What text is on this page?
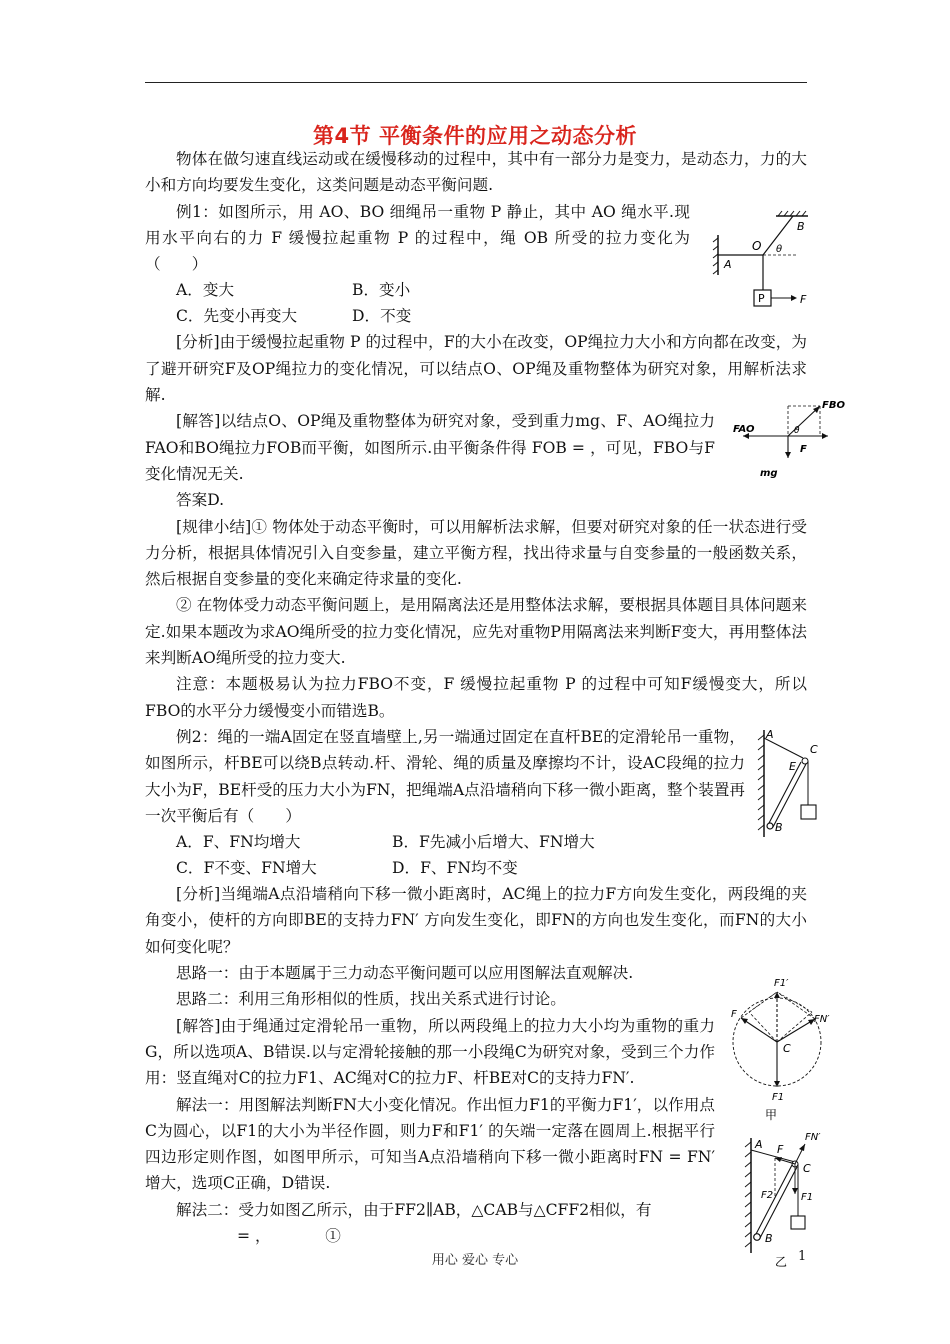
第4节 平衡条件的应用之动态分析

物体在做匀速直线运动或在缓慢移动的过程中，其中有一部分力是变力，是动态力，力的大小和方向均要发生变化，这类问题是动态平衡问题.

例1：如图所示，用 AO、BO 细绳吊一重物 P 静止，其中 AO 绳水平.现用水平向右的力 F 缓慢拉起重物 P 的过程中，绳 OB 所受的拉力变化为（　　）

A．变大	B．变小
C．先变小再变大	D．不变

[分析]由于缓慢拉起重物 P 的过程中，F的大小在改变，OP绳拉力大小和方向都在改变，为了避开研究F及OP绳拉力的变化情况，可以结点O、OP绳及重物整体为研究对象，用解析法求解.

[解答]以结点O、OP绳及重物整体为研究对象，受到重力mg、F、AO绳拉力FAO和BO绳拉力FOB而平衡，如图所示.由平衡条件得 FOB = ，可见，FBO与F变化情况无关.

答案D.

[规律小结]① 物体处于动态平衡时，可以用解析法求解，但要对研究对象的任一状态进行受力分析，根据具体情况引入自变参量，建立平衡方程，找出待求量与自变参量的一般函数关系，然后根据自变参量的变化来确定待求量的变化.

② 在物体受力动态平衡问题上，是用隔离法还是用整体法求解，要根据具体题目具体问题来定.如果本题改为求AO绳所受的拉力变化情况，应先对重物P用隔离法来判断F变大，再用整体法来判断AO绳所受的拉力变大.

注意：本题极易认为拉力FBO不变，F 缓慢拉起重物 P 的过程中可知F缓慢变大，所以FBO的水平分力缓慢变小而错选B。

例2：绳的一端A固定在竖直墙壁上,另一端通过固定在直杆BE的定滑轮吊一重物，如图所示，杆BE可以绕B点转动.杆、滑轮、绳的质量及摩擦均不计，设AC段绳的拉力大小为F，BE杆受的压力大小为FN，把绳端A点沿墙稍向下移一微小距离，整个装置再一次平衡后有（　　）

A．F、FN均增大	B．F先减小后增大、FN增大
C．F不变、FN增大	D．F、FN均不变

[分析]当绳端A点沿墙稍向下移一微小距离时，AC绳上的拉力F方向发生变化，两段绳的夹角变小，使杆的方向即BE的支持力FN′ 方向发生变化，即FN的方向也发生变化，而FN的大小如何变化呢？

思路一：由于本题属于三力动态平衡问题可以应用图解法直观解决.

思路二：利用三角形相似的性质，找出关系式进行讨论。

[解答]由于绳通过定滑轮吊一重物，所以两段绳上的拉力大小均为重物的重力G，所以选项A、B错误.以与定滑轮接触的那一小段绳C为研究对象，受到三个力作用：竖直绳对C的拉力F1、AC绳对C的拉力F、杆BE对C的支持力FN′.

解法一：用图解法判断FN大小变化情况。作出恒力F1的平衡力F1′，以作用点C为圆心，以F1的大小为半径作圆，则力F和F1′ 的矢端一定落在圆周上.根据平行四边形定则作图，如图甲所示，可知当A点沿墙稍向下移一微小距离时FN = FN′ 增大，选项C正确，D错误.

解法二：受力如图乙所示，由于FF2∥AB，△CAB与△CFF2相似，有

= ，　　　　①

B
O θ
A
P	F
FBO
FAO	θ
F
mg
A
C
E
B
F1′
F	FN′
C
F1
甲
FN′
A F
C
F2	F1
B
乙
用心 爱心 专心	1
